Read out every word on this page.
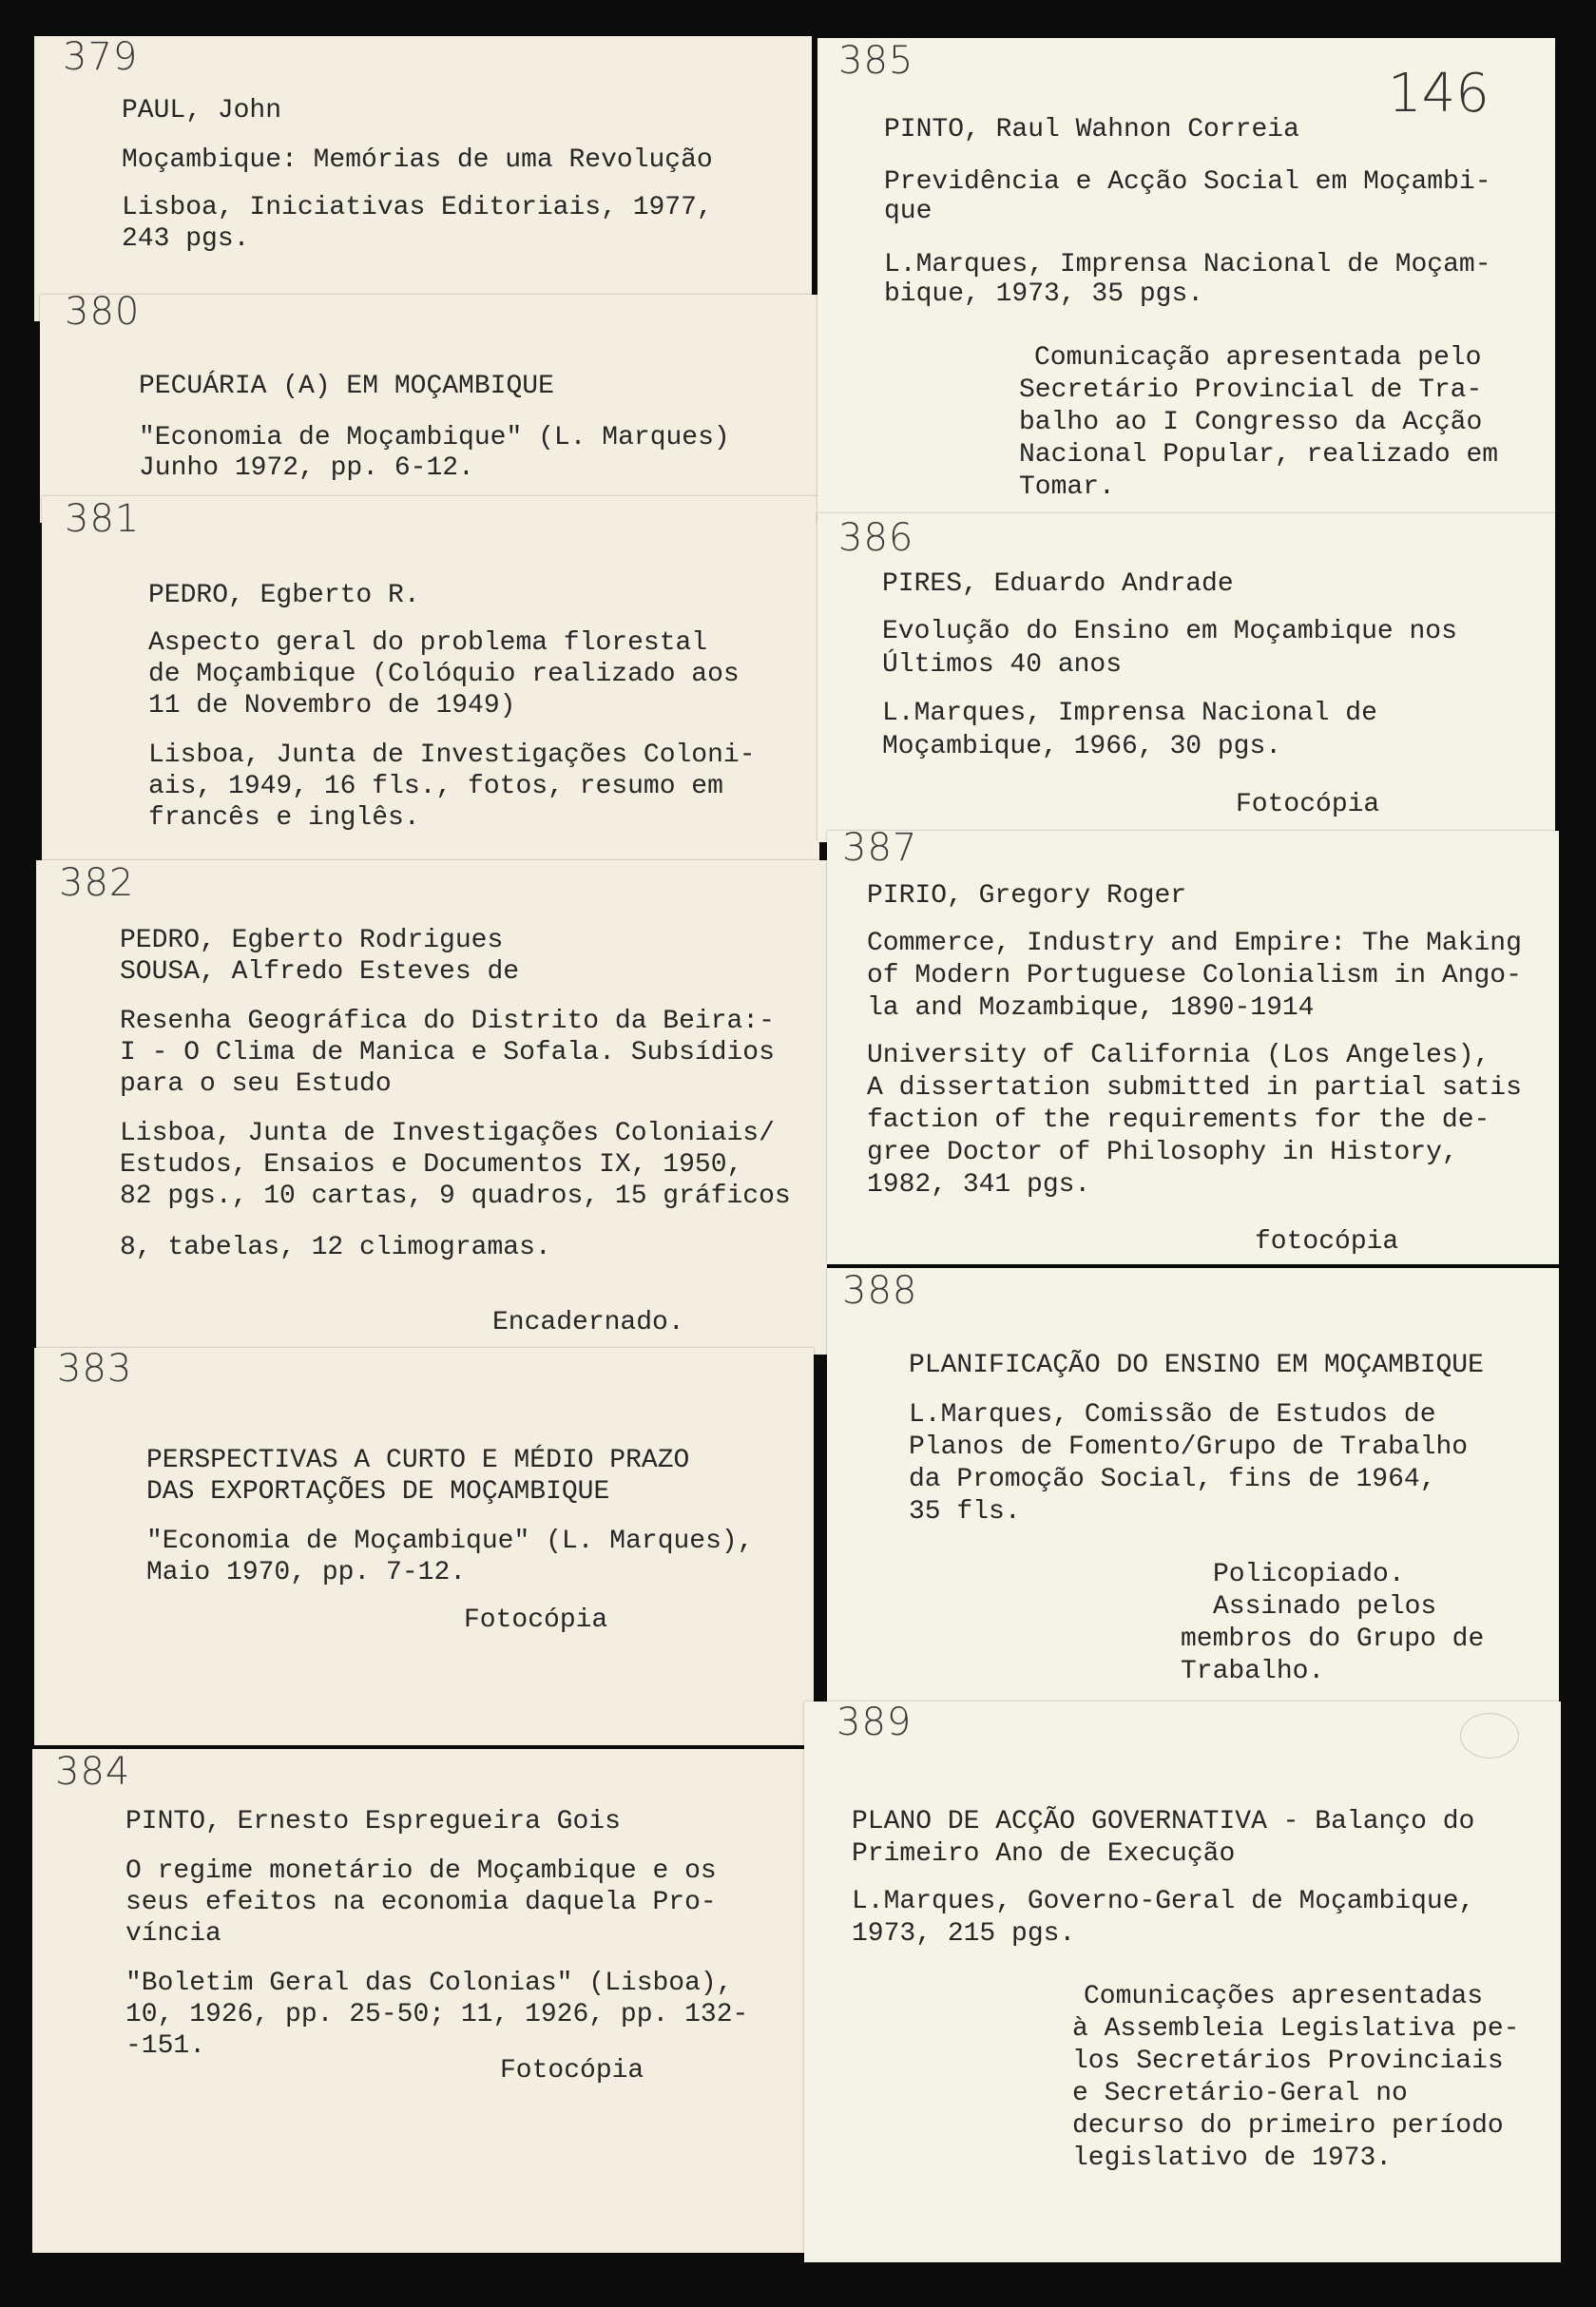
379
PAUL, John
Moçambique: Memórias de uma Revolução
Lisboa, Iniciativas Editoriais, 1977,
243 pgs.
380
PECUÁRIA (A) EM MOÇAMBIQUE
"Economia de Moçambique" (L. Marques)
Junho 1972, pp. 6-12.
381
PEDRO, Egberto R.
Aspecto geral do problema florestal
de Moçambique (Colóquio realizado aos
11 de Novembro de 1949)
Lisboa, Junta de Investigações Coloni-
ais, 1949, 16 fls., fotos, resumo em
francês e inglês.
382
PEDRO, Egberto Rodrigues
SOUSA, Alfredo Esteves de
Resenha Geográfica do Distrito da Beira:-
I - O Clima de Manica e Sofala. Subsídios
para o seu Estudo
Lisboa, Junta de Investigações Coloniais/
Estudos, Ensaios e Documentos IX, 1950,
82 pgs., 10 cartas, 9 quadros, 15 gráficos
8, tabelas, 12 climogramas.
Encadernado.
383
PERSPECTIVAS A CURTO E MÉDIO PRAZO
DAS EXPORTAÇÕES DE MOÇAMBIQUE
"Economia de Moçambique" (L. Marques),
Maio 1970, pp. 7-12.
Fotocópia
384
PINTO, Ernesto Espregueira Gois
O regime monetário de Moçambique e os
seus efeitos na economia daquela Pro-
víncia
"Boletim Geral das Colonias" (Lisboa),
10, 1926, pp. 25-50; 11, 1926, pp. 132-
-151.
Fotocópia
385
146
PINTO, Raul Wahnon Correia
Previdência e Acção Social em Moçambi-
que
L.Marques, Imprensa Nacional de Moçam-
bique, 1973, 35 pgs.
Comunicação apresentada pelo
Secretário Provincial de Tra-
balho ao I Congresso da Acção
Nacional Popular, realizado em
Tomar.
386
PIRES, Eduardo Andrade
Evolução do Ensino em Moçambique nos
Últimos 40 anos
L.Marques, Imprensa Nacional de
Moçambique, 1966, 30 pgs.
Fotocópia
387
PIRIO, Gregory Roger
Commerce, Industry and Empire: The Making
of Modern Portuguese Colonialism in Ango-
la and Mozambique, 1890-1914
University of California (Los Angeles),
A dissertation submitted in partial satis
faction of the requirements for the de-
gree Doctor of Philosophy in History,
1982, 341 pgs.
fotocópia
388
PLANIFICAÇÃO DO ENSINO EM MOÇAMBIQUE
L.Marques, Comissão de Estudos de
Planos de Fomento/Grupo de Trabalho
da Promoção Social, fins de 1964,
35 fls.
Policopiado.
Assinado pelos
membros do Grupo de
Trabalho.
389
PLANO DE ACÇÃO GOVERNATIVA - Balanço do
Primeiro Ano de Execução
L.Marques, Governo-Geral de Moçambique,
1973, 215 pgs.
Comunicações apresentadas
à Assembleia Legislativa pe-
los Secretários Provinciais
e Secretário-Geral no
decurso do primeiro período
legislativo de 1973.
